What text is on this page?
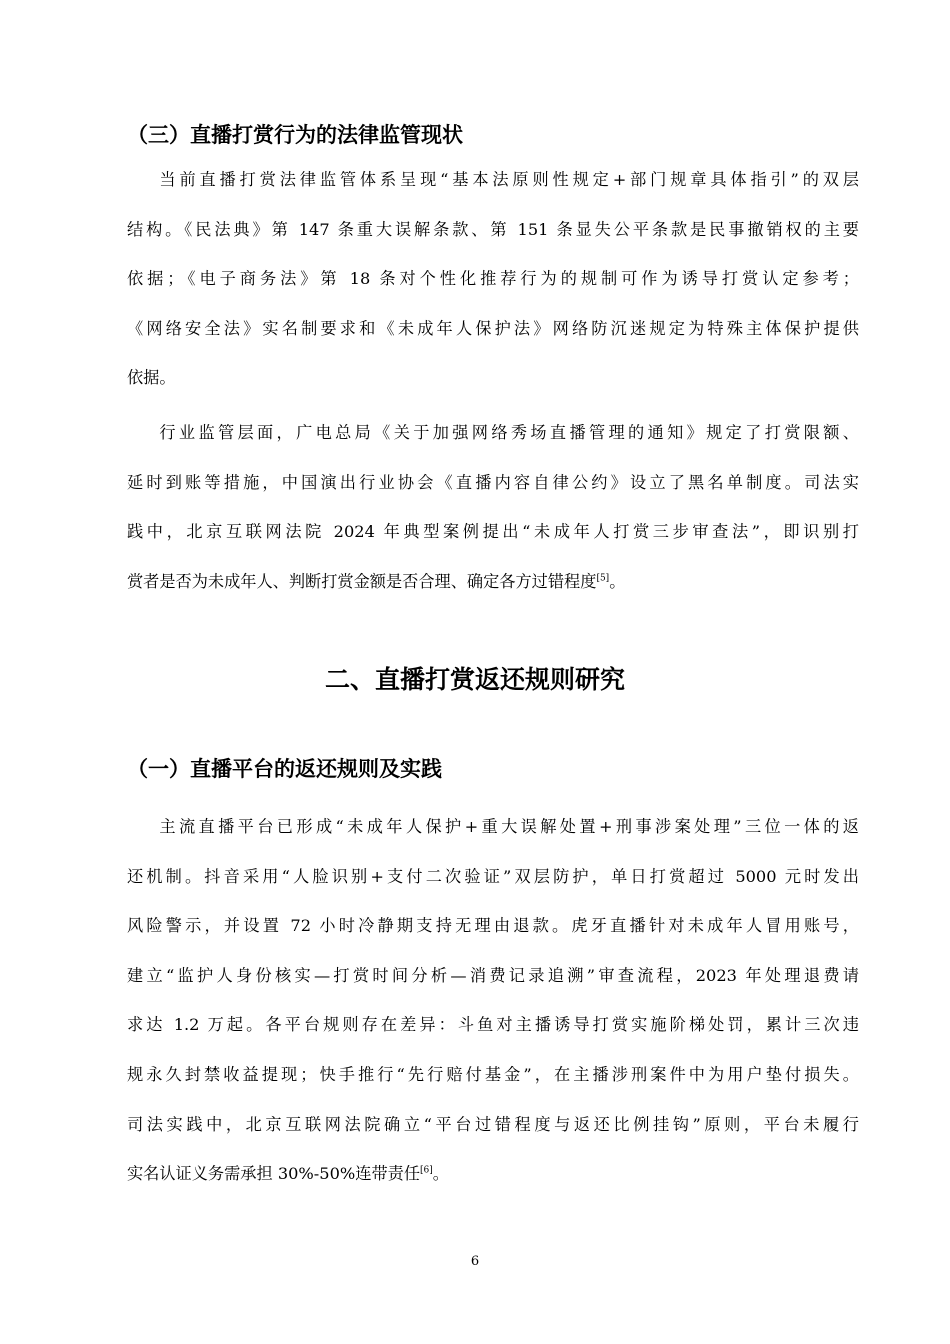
（三）直播打赏行为的法律监管现状
当前直播打赏法律监管体系呈现“基本法原则性规定+部门规章具体指引”的双层
结构。《民法典》第 147 条重大误解条款、第 151 条显失公平条款是民事撤销权的主要
依据；《电子商务法》第 18 条对个性化推荐行为的规制可作为诱导打赏认定参考；
《网络安全法》实名制要求和《未成年人保护法》网络防沉迷规定为特殊主体保护提供
依据。
行业监管层面，广电总局《关于加强网络秀场直播管理的通知》规定了打赏限额、
延时到账等措施，中国演出行业协会《直播内容自律公约》设立了黑名单制度。司法实
践中，北京互联网法院 2024 年典型案例提出“未成年人打赏三步审查法”，即识别打
赏者是否为未成年人、判断打赏金额是否合理、确定各方过错程度[5]。
二、直播打赏返还规则研究
（一）直播平台的返还规则及实践
主流直播平台已形成“未成年人保护+重大误解处置+刑事涉案处理”三位一体的返
还机制。抖音采用“人脸识别+支付二次验证”双层防护，单日打赏超过 5000 元时发出
风险警示，并设置 72 小时冷静期支持无理由退款。虎牙直播针对未成年人冒用账号，
建立“监护人身份核实—打赏时间分析—消费记录追溯”审查流程，2023 年处理退费请
求达 1.2 万起。各平台规则存在差异：斗鱼对主播诱导打赏实施阶梯处罚，累计三次违
规永久封禁收益提现；快手推行“先行赔付基金”，在主播涉刑案件中为用户垫付损失。
司法实践中，北京互联网法院确立“平台过错程度与返还比例挂钩”原则，平台未履行
实名认证义务需承担 30%-50%连带责任[6]。
6
